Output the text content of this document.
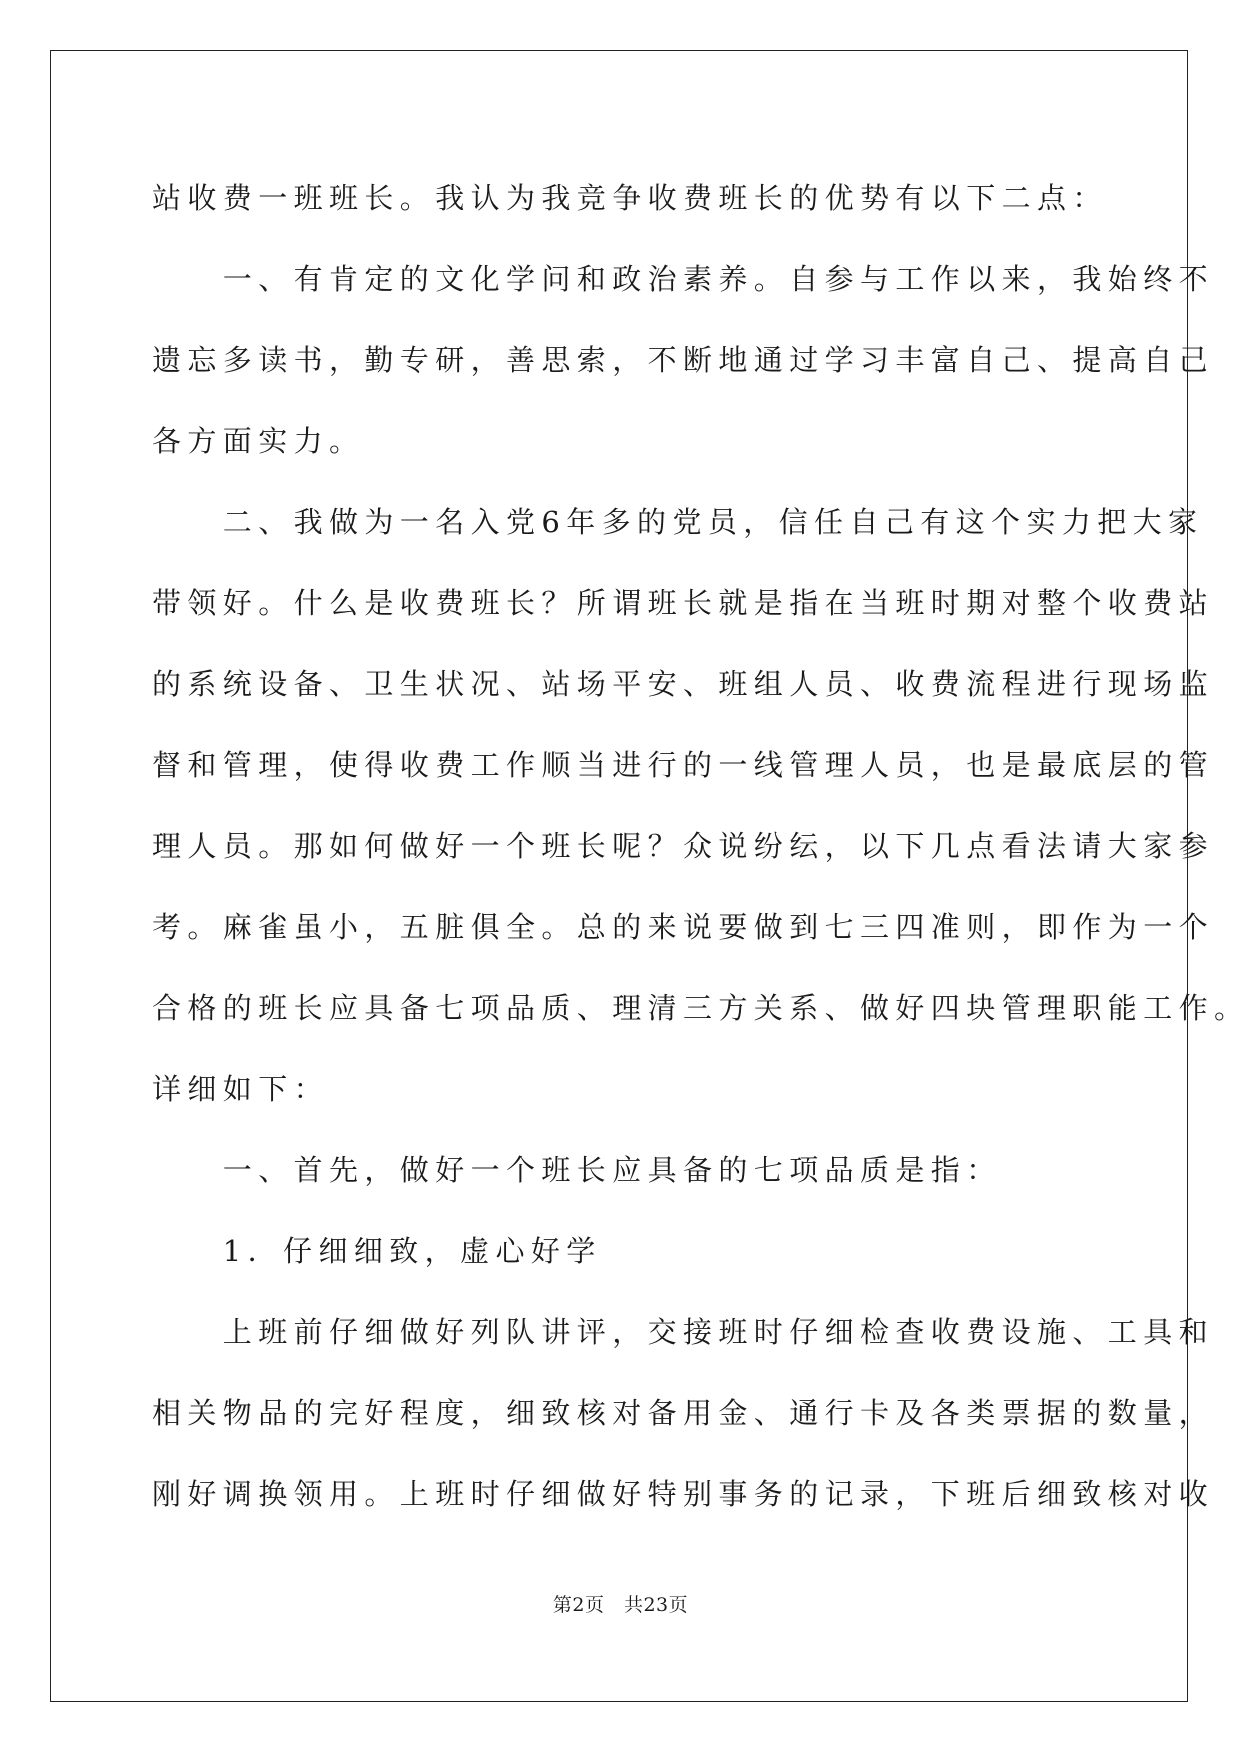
站收费一班班长。我认为我竞争收费班长的优势有以下二点：
　　一、有肯定的文化学问和政治素养。自参与工作以来，我始终不
遗忘多读书，勤专研，善思索，不断地通过学习丰富自己、提高自己
各方面实力。
　　二、我做为一名入党6年多的党员，信任自己有这个实力把大家
带领好。什么是收费班长？所谓班长就是指在当班时期对整个收费站
的系统设备、卫生状况、站场平安、班组人员、收费流程进行现场监
督和管理，使得收费工作顺当进行的一线管理人员，也是最底层的管
理人员。那如何做好一个班长呢？众说纷纭，以下几点看法请大家参
考。麻雀虽小，五脏俱全。总的来说要做到七三四准则，即作为一个
合格的班长应具备七项品质、理清三方关系、做好四块管理职能工作。
详细如下：
　　一、首先，做好一个班长应具备的七项品质是指：
　　1．仔细细致，虚心好学
　　上班前仔细做好列队讲评，交接班时仔细检查收费设施、工具和
相关物品的完好程度，细致核对备用金、通行卡及各类票据的数量，
刚好调换领用。上班时仔细做好特别事务的记录，下班后细致核对收
第2页　共23页
